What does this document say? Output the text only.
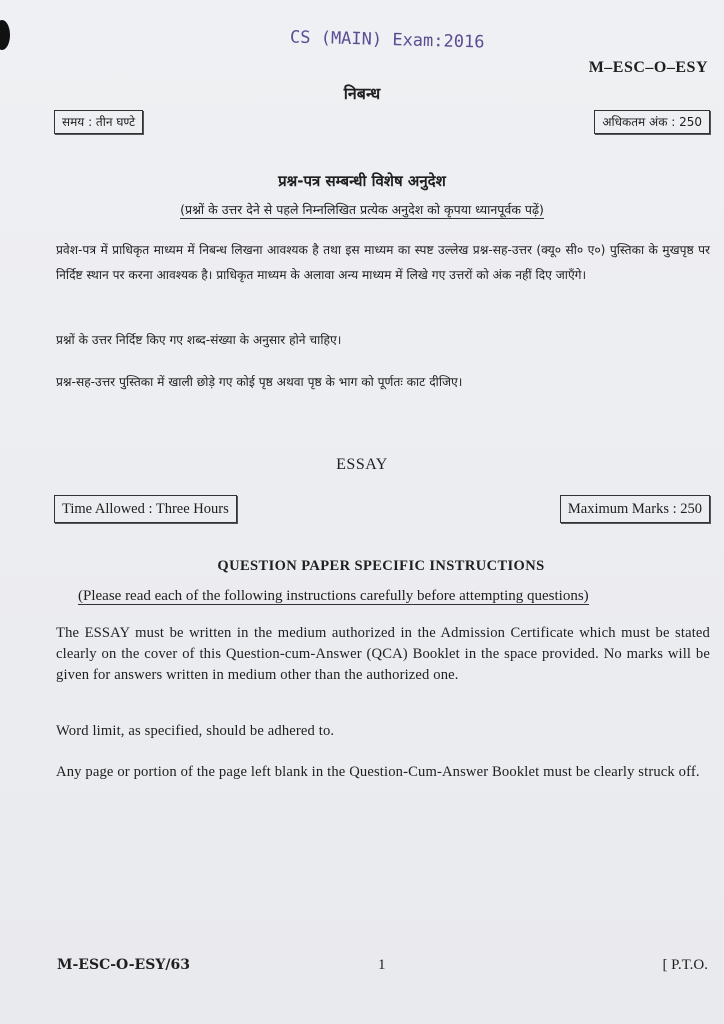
CS (MAIN) Exam:2016
M–ESC–O–ESY
निबन्ध
समय : तीन घण्टे	अधिकतम अंक : 250
प्रश्न-पत्र सम्बन्धी विशेष अनुदेश
(प्रश्नों के उत्तर देने से पहले निम्नलिखित प्रत्येक अनुदेश को कृपया ध्यानपूर्वक पढ़ें)
प्रवेश-पत्र में प्राधिकृत माध्यम में निबन्ध लिखना आवश्यक है तथा इस माध्यम का स्पष्ट उल्लेख प्रश्न-सह-उत्तर (क्यू० सी० ए०) पुस्तिका के मुखपृष्ठ पर निर्दिष्ट स्थान पर करना आवश्यक है। प्राधिकृत माध्यम के अलावा अन्य माध्यम में लिखे गए उत्तरों को अंक नहीं दिए जाएँगे।
प्रश्नों के उत्तर निर्दिष्ट किए गए शब्द-संख्या के अनुसार होने चाहिए।
प्रश्न-सह-उत्तर पुस्तिका में खाली छोड़े गए कोई पृष्ठ अथवा पृष्ठ के भाग को पूर्णतः काट दीजिए।
ESSAY
Time Allowed : Three Hours	Maximum Marks : 250
QUESTION PAPER SPECIFIC INSTRUCTIONS
(Please read each of the following instructions carefully before attempting questions)
The ESSAY must be written in the medium authorized in the Admission Certificate which must be stated clearly on the cover of this Question-cum-Answer (QCA) Booklet in the space provided. No marks will be given for answers written in medium other than the authorized one.
Word limit, as specified, should be adhered to.
Any page or portion of the page left blank in the Question-Cum-Answer Booklet must be clearly struck off.
M-ESC-O-ESY/63	1	[ P.T.O.
